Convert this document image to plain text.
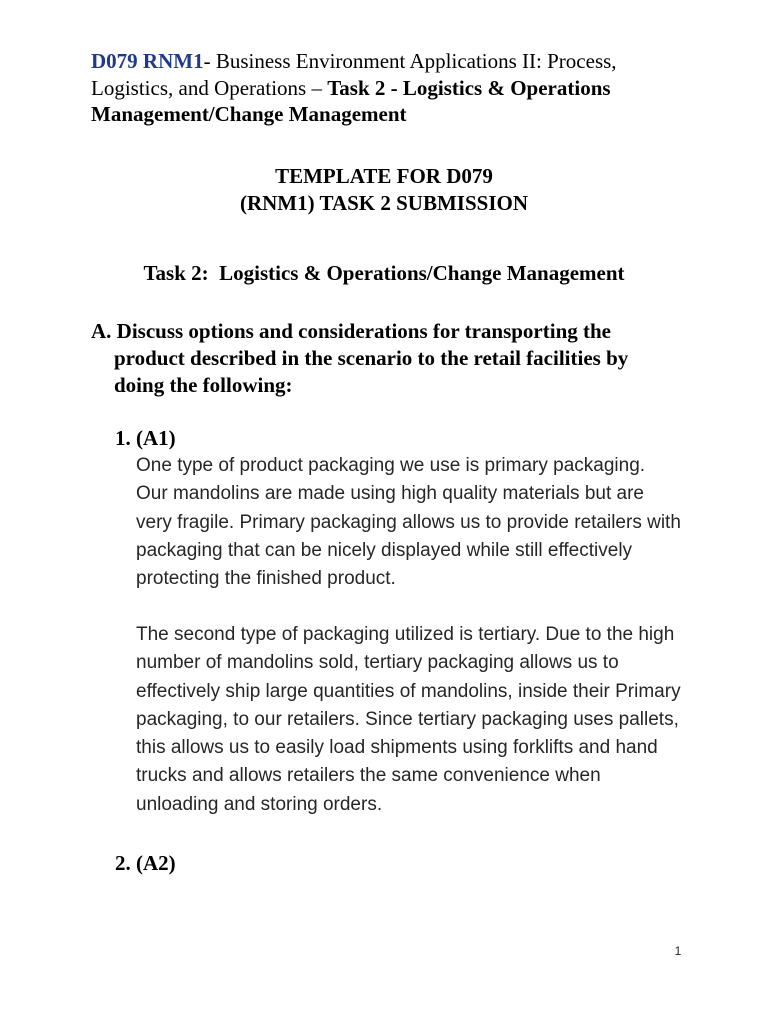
D079 RNM1- Business Environment Applications II: Process, Logistics, and Operations – Task 2 - Logistics & Operations Management/Change Management
TEMPLATE FOR D079
(RNM1) TASK 2 SUBMISSION
Task 2:  Logistics & Operations/Change Management
A. Discuss options and considerations for transporting the product described in the scenario to the retail facilities by doing the following:
1. (A1)
One type of product packaging we use is primary packaging. Our mandolins are made using high quality materials but are very fragile. Primary packaging allows us to provide retailers with packaging that can be nicely displayed while still effectively protecting the finished product.
The second type of packaging utilized is tertiary. Due to the high number of mandolins sold, tertiary packaging allows us to effectively ship large quantities of mandolins, inside their Primary packaging, to our retailers. Since tertiary packaging uses pallets, this allows us to easily load shipments using forklifts and hand trucks and allows retailers the same convenience when unloading and storing orders.
2. (A2)
1
